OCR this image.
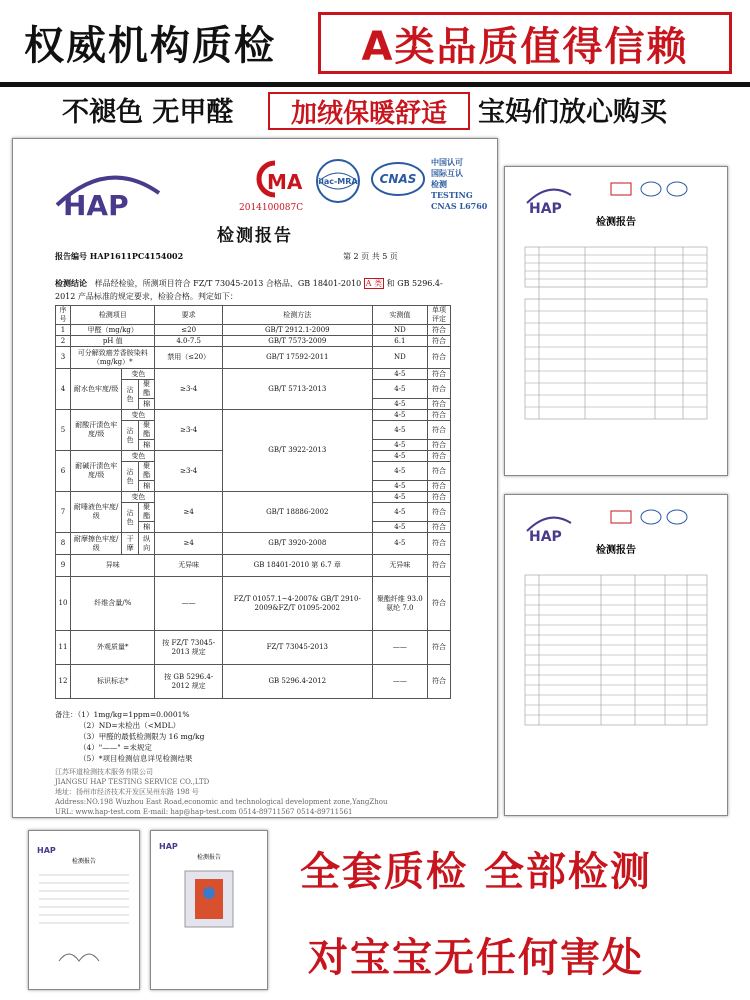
权威机构质检 A类品质值得信赖
不褪色 无甲醛 加绒保暖舒适 宝妈们放心购买
HAP
MA
2014100087C
ilac-MRA CNAS
中国认可
国际互认
检测
TESTING
CNAS L6760
检测报告
报告编号 HAP1611PC4154002	第 2 页 共 5 页
检测结论 样品经检验，所测项目符合 FZ/T 73045-2013 合格品、GB 18401-2010 A 类 和 GB 5296.4-2012 产品标准的规定要求，检验合格。判定如下：
序号	检测项目			要求	检测方法	实测值	单项评定
1	甲醛（mg/kg）			≤20	GB/T 2912.1-2009	ND	符合
2	pH 值			4.0-7.5	GB/T 7573-2009	6.1	符合
3	可分解致癌芳香胺染料（mg/kg）*			禁用（≤20）	GB/T 17592-2011	ND	符合
4	耐水色牢度/级	变色		≥3-4	GB/T 5713-2013	4-5	符合
		沾色	聚酯			4-5	符合
			棉			4-5	符合
5	耐酸汗渍色牢度/级	变色		≥3-4	GB/T 3922-2013	4-5	符合
		沾色	聚酯			4-5	符合
			棉			4-5	符合
6	耐碱汗渍色牢度/级	变色		≥3-4		4-5	符合
		沾色	聚酯			4-5	符合
			棉			4-5	符合
7	耐唾液色牢度/级	变色		≥4	GB/T 18886-2002	4-5	符合
		沾色	聚酯			4-5	符合
			棉			4-5	符合
8	耐摩擦色牢度/级	干摩	纵向	≥4	GB/T 3920-2008	4-5	符合
9	异味			无异味	GB 18401-2010 第 6.7 章	无异味	符合
10	纤维含量/%			——	FZ/T 01057.1~4-2007& GB/T 2910-2009&FZ/T 01095-2002	聚酯纤维 93.0 氨纶 7.0	符合
11	外观质量*			按 FZ/T 73045-2013 规定	FZ/T 73045-2013	——	符合
12	标识标志*			按 GB 5296.4-2012 规定	GB 5296.4-2012	——	符合
备注：（1）1mg/kg=1ppm=0.0001%
（2）ND=未检出（<MDL）
（3）甲醛的最低检测限为 16 mg/kg
（4）"——" =未规定
（5）*项目检测信息详见检测结果
江苏环道检测技术服务有限公司
JIANGSU HAP TESTING SERVICE CO.,LTD
地址：扬州市经济技术开发区吴州东路 198 号
Address:NO.198 Wuzhou East Road,economic and technological development zone,YangZhou
URL: www.hap-test.com E-mail: hap@hap-test.com 0514-89711567 0514-89711561
HAP
检测报告
HAP
检测报告
HAP
检测报告
HAP
检测报告 全套质检 全部检测
对宝宝无任何害处
